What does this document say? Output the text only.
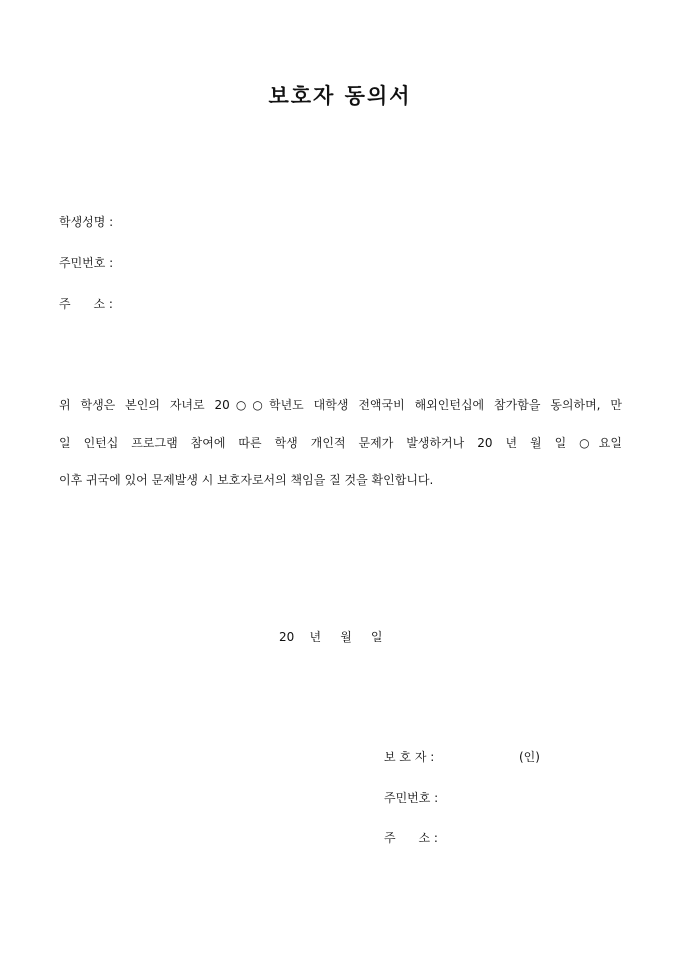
보호자 동의서
학생성명 :
주민번호 :
주      소 :
위 학생은 본인의 자녀로 20○○학년도 대학생 전액국비 해외인턴십에 참가함을 동의하며, 만
일 인턴십 프로그램 참여에 따른 학생 개인적 문제가 발생하거나 20 년 월 일 ○요일
이후 귀국에 있어 문제발생 시 보호자로서의 책임을 질 것을 확인합니다.
20    년     월     일
보 호 자 :	(인)
주민번호 :
주      소 :
